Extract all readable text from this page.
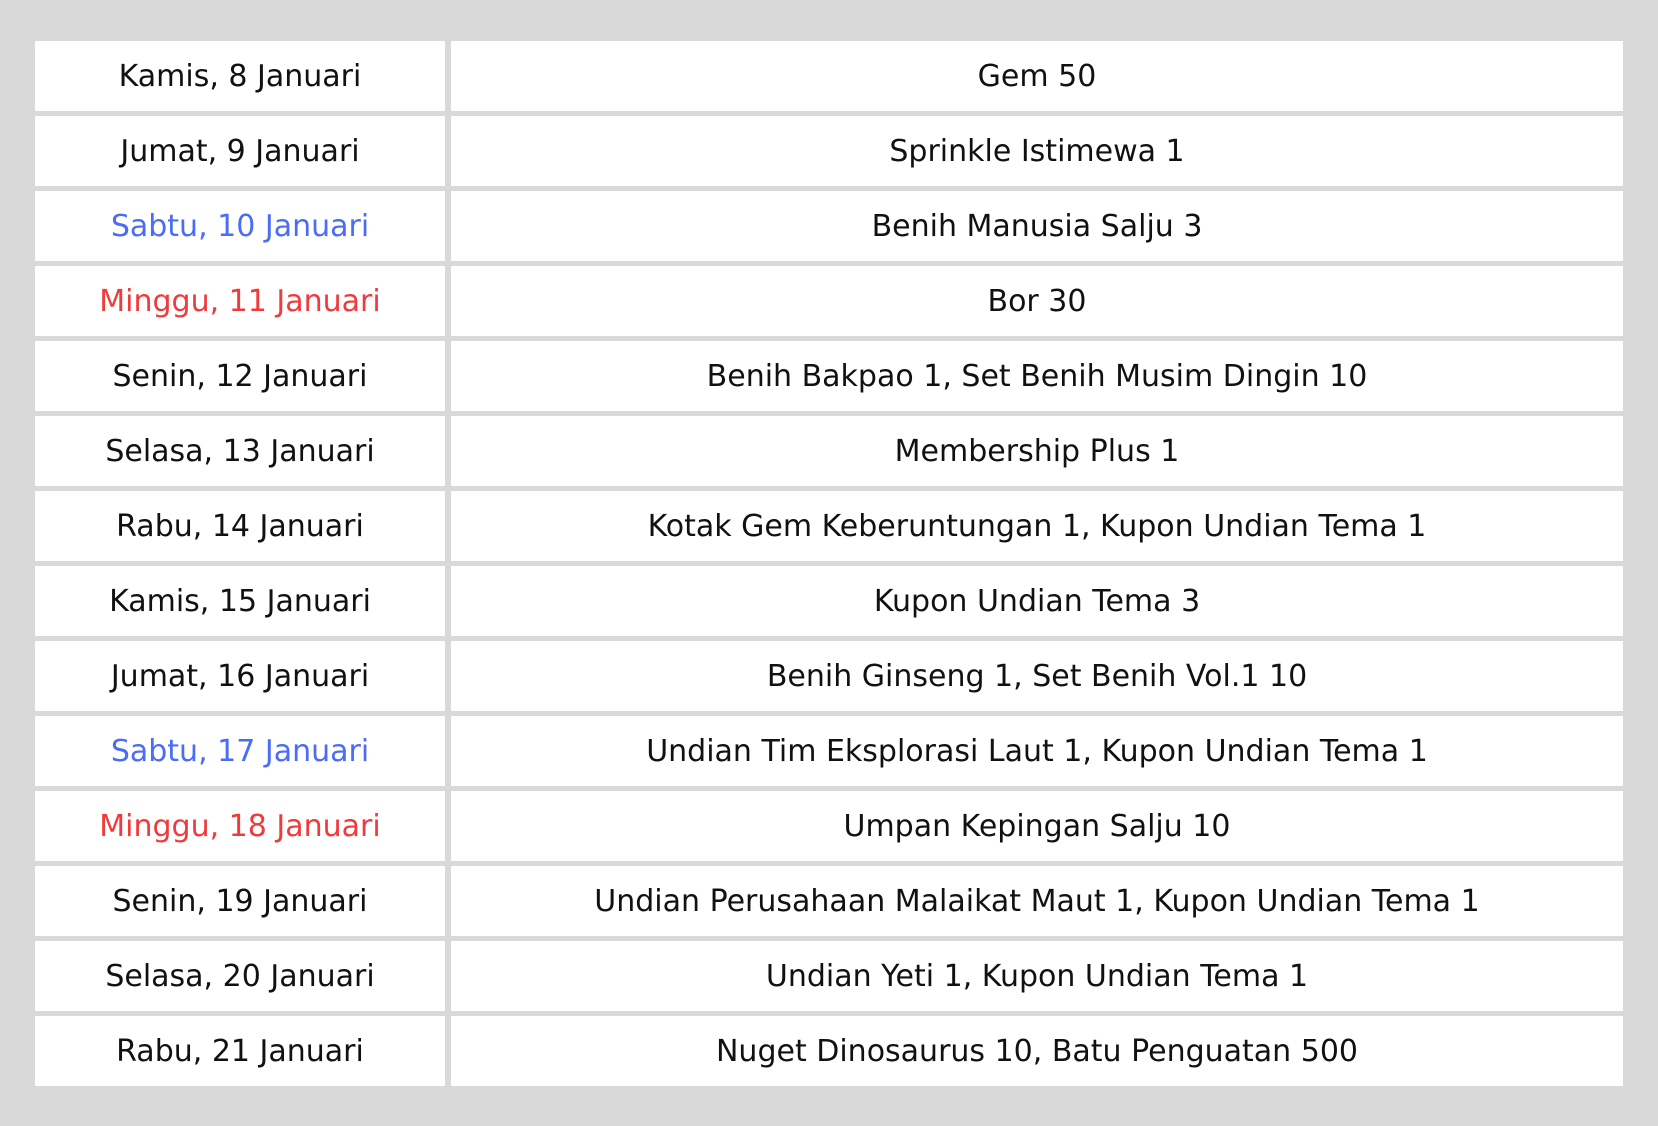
Kamis, 8 Januari	Gem 50
Jumat, 9 Januari	Sprinkle Istimewa 1
Sabtu, 10 Januari	Benih Manusia Salju 3
Minggu, 11 Januari	Bor 30
Senin, 12 Januari	Benih Bakpao 1, Set Benih Musim Dingin 10
Selasa, 13 Januari	Membership Plus 1
Rabu, 14 Januari	Kotak Gem Keberuntungan 1, Kupon Undian Tema 1
Kamis, 15 Januari	Kupon Undian Tema 3
Jumat, 16 Januari	Benih Ginseng 1, Set Benih Vol.1 10
Sabtu, 17 Januari	Undian Tim Eksplorasi Laut 1, Kupon Undian Tema 1
Minggu, 18 Januari	Umpan Kepingan Salju 10
Senin, 19 Januari	Undian Perusahaan Malaikat Maut 1, Kupon Undian Tema 1
Selasa, 20 Januari	Undian Yeti 1, Kupon Undian Tema 1
Rabu, 21 Januari	Nuget Dinosaurus 10, Batu Penguatan 500
